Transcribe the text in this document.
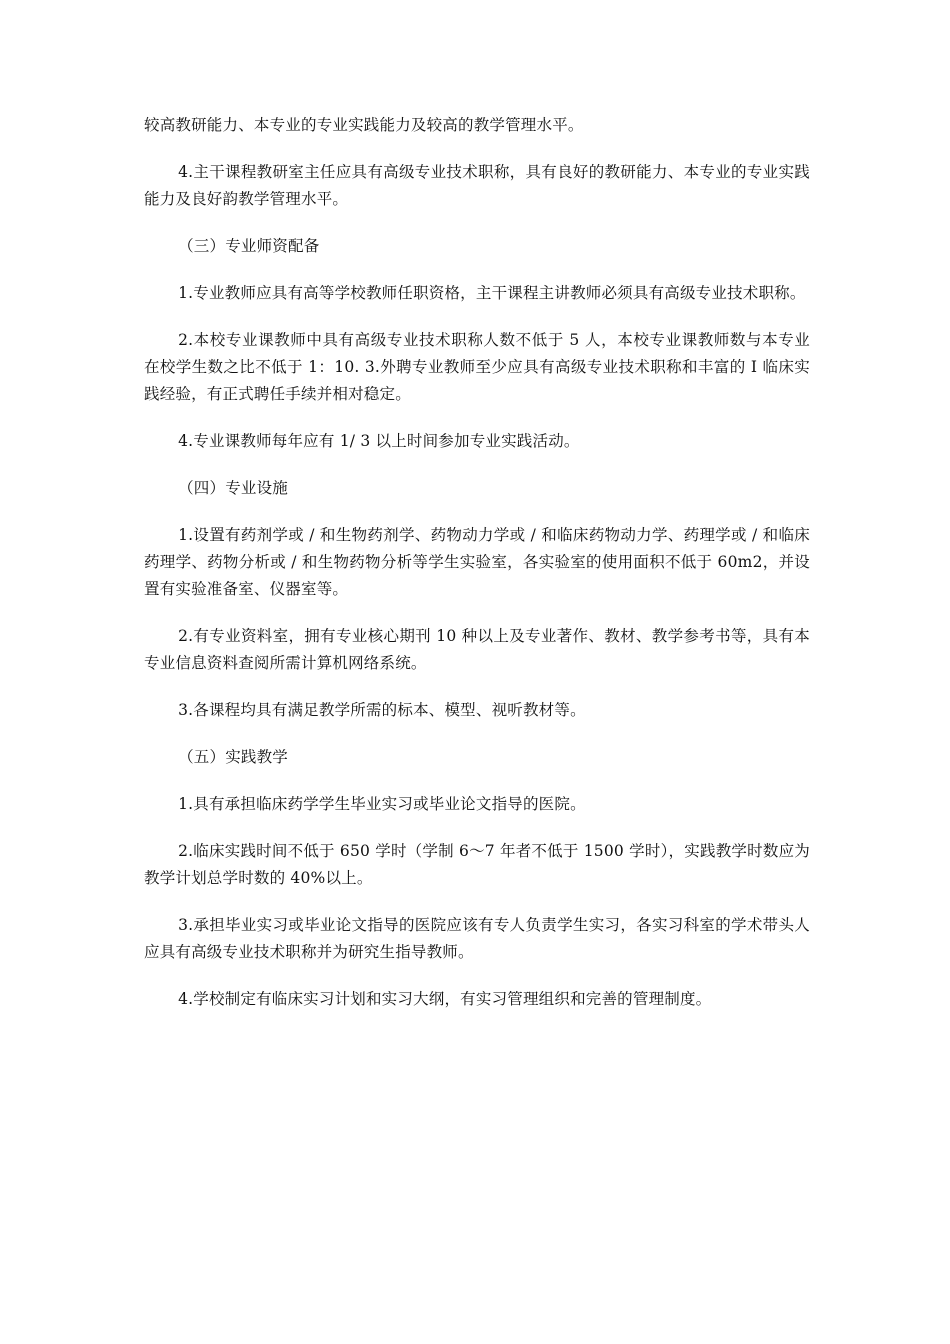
较高教研能力、本专业的专业实践能力及较高的教学管理水平。

4.主干课程教研室主任应具有高级专业技术职称，具有良好的教研能力、本专业的专业实践能力及良好韵教学管理水平。

（三）专业师资配备

1.专业教师应具有高等学校教师任职资格，主干课程主讲教师必须具有高级专业技术职称。

2.本校专业课教师中具有高级专业技术职称人数不低于 5 人，本校专业课教师数与本专业在校学生数之比不低于 1：10. 3.外聘专业教师至少应具有高级专业技术职称和丰富的 I 临床实践经验，有正式聘任手续并相对稳定。

4.专业课教师每年应有 1/ 3 以上时间参加专业实践活动。

（四）专业设施

1.设置有药剂学或 / 和生物药剂学、药物动力学或 / 和临床药物动力学、药理学或 / 和临床药理学、药物分析或 / 和生物药物分析等学生实验室，各实验室的使用面积不低于 60m2，并设置有实验准备室、仪器室等。

2.有专业资料室，拥有专业核心期刊 10 种以上及专业著作、教材、教学参考书等，具有本专业信息资料查阅所需计算机网络系统。

3.各课程均具有满足教学所需的标本、模型、视听教材等。

（五）实践教学

1.具有承担临床药学学生毕业实习或毕业论文指导的医院。

2.临床实践时间不低于 650 学时（学制 6～7 年者不低于 1500 学时），实践教学时数应为教学计划总学时数的 40%以上。

3.承担毕业实习或毕业论文指导的医院应该有专人负责学生实习，各实习科室的学术带头人应具有高级专业技术职称并为研究生指导教师。

4.学校制定有临床实习计划和实习大纲，有实习管理组织和完善的管理制度。
